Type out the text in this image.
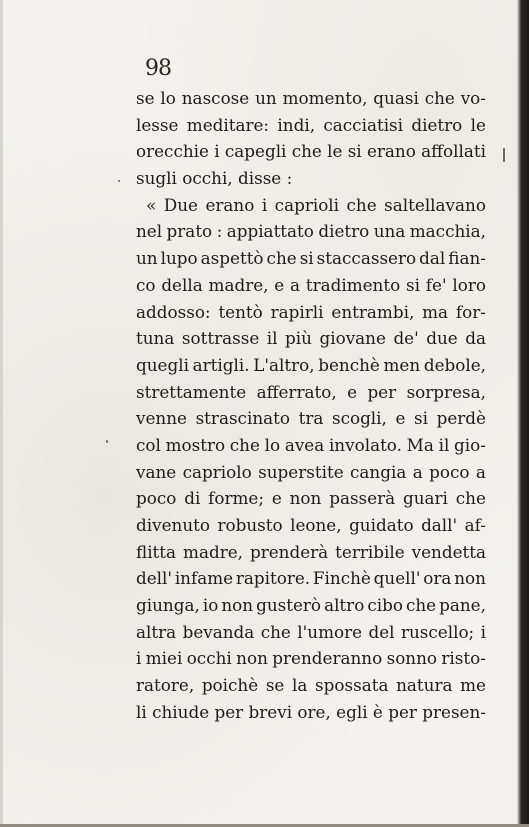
98
se lo nascose un momento, quasi che vo-
lesse meditare: indi, cacciatisi dietro le
orecchie i capegli che le si erano affollati
sugli occhi, disse :
« Due erano i caprioli che saltellavano
nel prato : appiattato dietro una macchia,
un lupo aspettò che si staccassero dal fian-
co della madre, e a tradimento si fe' loro
addosso: tentò rapirli entrambi, ma for-
tuna sottrasse il più giovane de' due da
quegli artigli. L'altro, benchè men debole,
strettamente afferrato, e per sorpresa,
venne strascinato tra scogli, e si perdè
col mostro che lo avea involato. Ma il gio-
vane capriolo superstite cangia a poco a
poco di forme; e non passerà guari che
divenuto robusto leone, guidato dall' af-
flitta madre, prenderà terribile vendetta
dell' infame rapitore. Finchè quell' ora non
giunga, io non gusterò altro cibo che pane,
altra bevanda che l'umore del ruscello; i
i miei occhi non prenderanno sonno risto-
ratore, poichè se la spossata natura me
li chiude per brevi ore, egli è per presen-
